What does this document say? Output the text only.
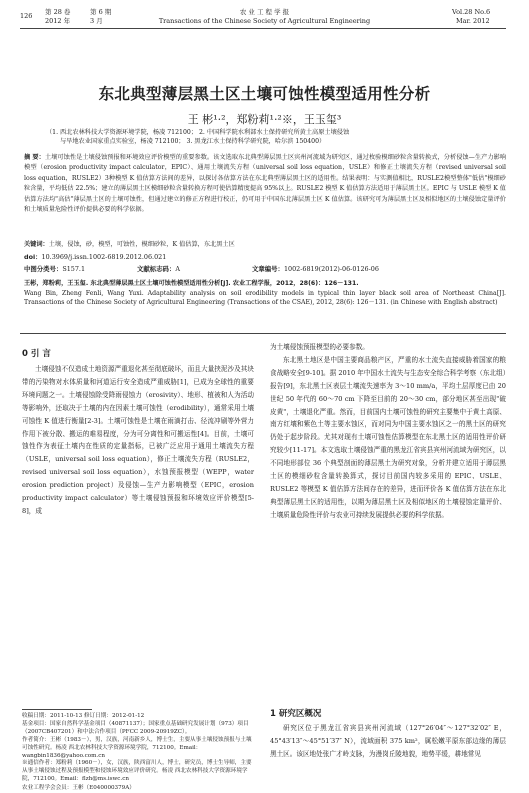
126 第 28 卷	第 6 期	农 业 工 程 学 报	Vol.28 No.6
2012 年	3 月	Transactions of the Chinese Society of Agricultural Engineering	Mar. 2012
东北典型薄层黑土区土壤可蚀性模型适用性分析
王 彬¹·²，郑粉莉¹·²※，王玉玺³
（1. 西北农林科技大学资源环境学院，杨凌 712100； 2. 中国科学院水利部水土保持研究所黄土高原土壤侵蚀
与旱地农业国家重点实验室，杨凌 712100； 3. 黑龙江水土保持科学研究院，哈尔滨 150400）
摘 要：土壤可蚀性是土壤侵蚀预报和环境效应评价模型的重要参数。该文选取东北典型薄层黑土区宾州河流域为研究区，通过枚验模细砂粒含量转换式，分析侵蚀—生产力影响模型（erosion productivity impact calculator，EPIC）、通用土壤流失方程（universal soil loss equation，USLE）和修正土壤流失方程（revised universal soil loss equation，RUSLE2）3种模型 K 值估算方法间的差异，以探讨各估算方法在东北典型薄层黑土区的适用性。结果表明：与实测值相比，RUSLE2模型整体"低估"模细砂粒含量，平均低估 22.5%；建立的薄层黑土区模细砂粒含量转换方程可使估算精度提高 95%以上。RUSLE2 模型 K 值估算方法适用于薄层黑土区。EPIC 与 USLE 模型 K 值估算方法均"高估"薄层黑土区的土壤可蚀性，但通过建立的修正方程进行校正，仍可用于中国东北薄层黑土区 K 值估算。该研究可为薄层黑土区及相似地区的土壤侵蚀定量评价和土壤质量危险性评价提供必要的科学依据。
关键词：土壤，侵蚀，砂，模型，可蚀性，模细砂粒，K 值估算，东北黑土区
doi：10.3969/j.issn.1002-6819.2012.06.021
中图分类号：S157.1	文献标志码：A	文章编号：1002-6819(2012)-06-0126-06

王彬，郑粉莉，王玉玺. 东北典型薄层黑土区土壤可蚀性模型适用性分析[J]. 农业工程学报，2012，28(6)：126－131.

Wang Bin, Zheng Fenli, Wang Yuxi. Adaptability analysis on soil erodibility models in typical thin layer black soil area of Northeast China[J]. Transactions of the Chinese Society of Agricultural Engineering (Transactions of the CSAE), 2012, 28(6): 126－131. (in Chinese with English abstract)

0 引 言

土壤侵蚀不仅造成土地资源严重退化甚至彻底破坏，而且大量挟泥沙及其块带的污染物对水体质量和河道运行安全造成严重威胁[1]，已成为全球性的重要环境问题之一。土壤侵蚀除受降雨侵蚀力（erosivity）、地形、植被和人为活动等影响外，还取决于土壤的内在因素土壤可蚀性（erodibility），通常采用土壤可蚀性 K 值进行衡量[2-3]。土壤可蚀性是土壤在雨滴打击、径流冲刷等外营力作用下被分散、搬运的难易程度，分为可分离性和可搬运性[4]。目前，土壤可蚀性作为表征土壤内在性质的定量指标，已被广泛应用于通用土壤流失方程（USLE，universal soil loss equation），修正土壤流失方程（RUSLE2，revised universal soil loss equation），水蚀预报模型（WEPP，water erosion prediction project）及侵蚀—生产力影响模型（EPIC，erosion productivity impact calculator）等土壤侵蚀预报和环境效应评价模型[5-8]，成

收稿日期：2011-10-13 修订日期：2012-01-12
基金项目：国家自然科学基金项目（40871137）；国家重点基础研究发展计划（973）项目（2007CB407201）和中法合作项目（PFCC 2009-20919ZC）。
作者简介：王彬（1983－），男，汉族，河南新乡人，博士生，主要从事土壤侵蚀预报与土壤可蚀性研究。杨凌 西北农林科技大学资源环境学院，712100。Email：wangbin1836@yahoo.com.cn
※通信作者：郑粉莉（1960－），女，汉族，陕西富川人，博士，研究员，博士生导师，主要从事土壤侵蚀过程及预报模型和侵蚀环境效应评价研究。杨凌 西北农林科技大学资源环境学院，712100。Email：flzh@ms.iswc.cn
农业工程学会会员：王彬（E040000379A）

为土壤侵蚀预报模型的必要参数。

东北黑土地区是中国主要商品粮产区，严重的水土流失直接威胁着国家的粮食战略安全[9-10]。据 2010 年中国水土流失与生态安全综合科学考察（东北组）报告[9]，东北黑土区表层土壤流失速率为 3～10 mm/a，平均土层厚度已由 20 世纪 50 年代的 60～70 cm 下降至目前的 20～30 cm，部分地区甚至出现"破皮黄"，土壤退化严重。然而，目前国内土壤可蚀性的研究主要集中于黄土高原、南方红壤和紫色土等主要水蚀区，而对同为中国主要水蚀区之一的黑土区的研究仍处于起步阶段。尤其对现有土壤可蚀性估算模型在东北黑土区的适用性评价研究较少[11-17]。本文选取土壤侵蚀严重的黑龙江省宾县宾州河流域为研究区，以不同地形部位 36 个典型剖面的薄层黑土为研究对象，分析并建立适用于薄层黑土区的模细砂粒含量转换算式，探讨目前国内较多采用的 EPIC、USLE、RUSLE2 等模型 K 值估算方法间存在的差异，进而评价各 K 值估算方法在东北典型薄层黑土区的适用性，以期为薄层黑土区及相似地区的土壤侵蚀定量评价、土壤质量危险性评价与农业可持续发展提供必要的科学依据。

1 研究区概况

研究区位于黑龙江省宾县宾州河流域（127°26′04″～127°32′02″ E，45°43′13″～45°51′37″ N），流域面积 375 km²，属松嫩平原东部边缘的薄层黑土区。该区地处张广才岭支脉，为漫岗丘陵地貌，地势平缓，耕地常见
